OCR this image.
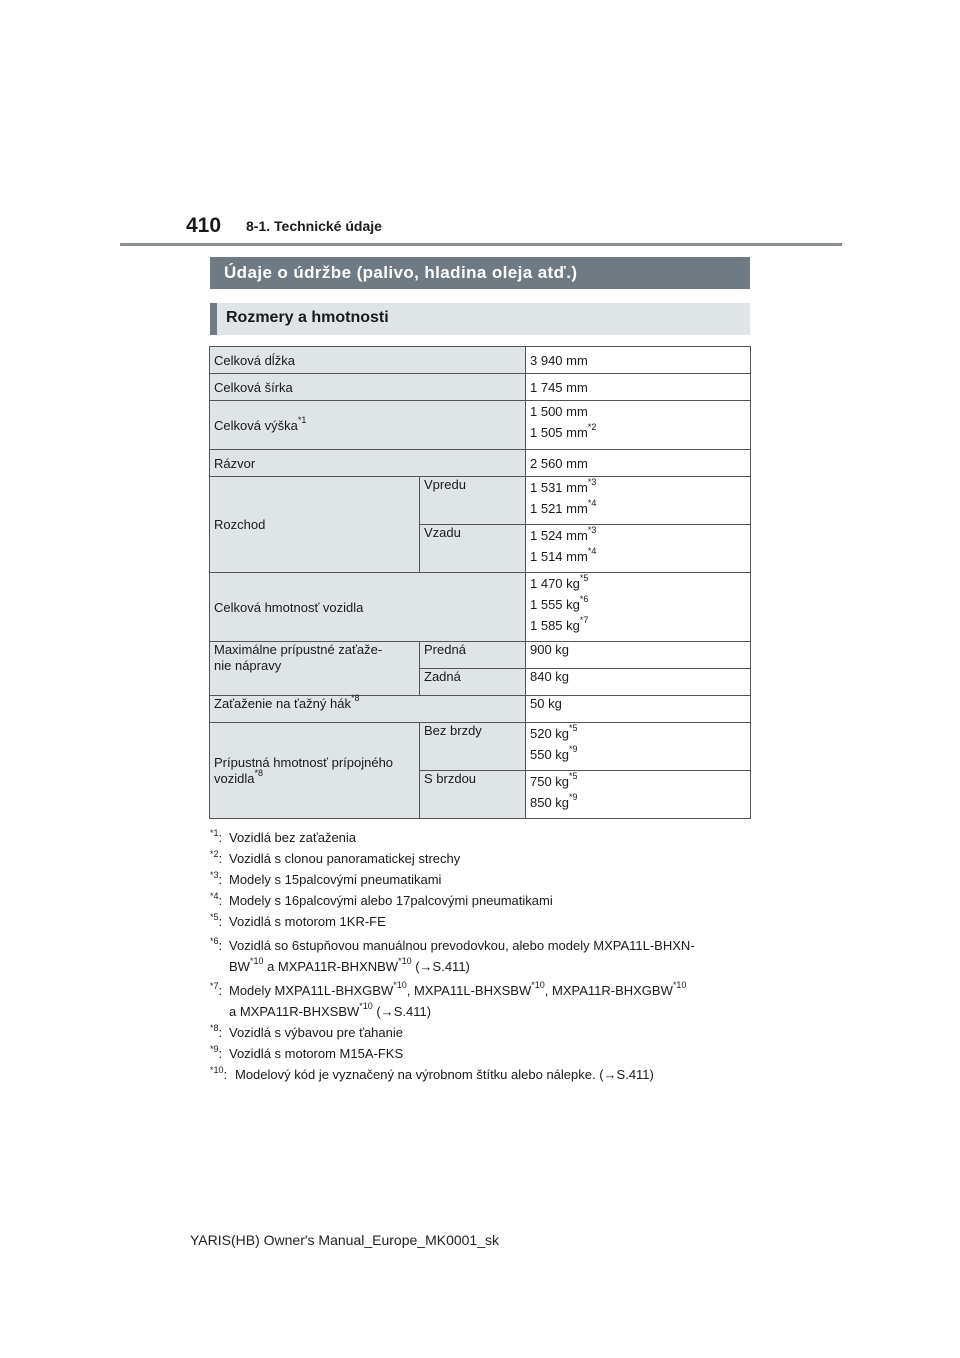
410 8-1. Technické údaje
Údaje o údržbe (palivo, hladina oleja atď.)
Rozmery a hmotnosti
Celková dĺžka		3 940 mm
Celková šírka		1 745 mm
Celková výška$^{*1}$		1 500 mm
1 505 $mm^{*2}$

Rázvor		2 560 mm
Rozchod	Vpredu	1 531 $mm^{*3}$
1 521 $mm^{*4}$

	Vzadu	1 524 $mm^{*3}$
1 514 $mm^{*4}$

Celková hmotnosť vozidla		1 470 $kg^{*5}$
1 555 $kg^{*6}$
1 585 $kg^{*7}$

Maximálne prípustné zaťaže-
nie nápravy	Predná	900 kg
	Zadná	840 kg
Zaťaženie na ťažný hák$^{*8}$		50 kg
Prípustná hmotnosť prípojného
vozidla$^{*8}$	Bez brzdy	520 $kg^{*5}$
550 $kg^{*9}$

	S brzdou	750 $kg^{*5}$
850 $kg^{*9}$
$^{*1}$: Vozidlá bez zaťaženia
$^{*2}$: Vozidlá s clonou panoramatickej strechy
$^{*3}$: Modely s 15palcovými pneumatikami
$^{*4}$: Modely s 16palcovými alebo 17palcovými pneumatikami
$^{*5}$: Vozidlá s motorom 1KR-FE
$^{*6}$: Vozidlá so 6stupňovou manuálnou prevodovkou, alebo modely MXPA11L-BHXN-
BW$^{*10}$ a MXPA11R-BHXNBW$^{*10}$ (→S.411)
$^{*7}$: Modely MXPA11L-BHXGBW$^{*10}$, MXPA11L-BHXSBW$^{*10}$, MXPA11R-BHXGBW$^{*10}$
a MXPA11R-BHXSBW$^{*10}$ (→S.411)
$^{*8}$: Vozidlá s výbavou pre ťahanie
$^{*9}$: Vozidlá s motorom M15A-FKS
$^{*10}$: Modelový kód je vyznačený na výrobnom štítku alebo nálepke. (→S.411)
YARIS(HB) Owner's Manual_Europe_MK0001_sk
